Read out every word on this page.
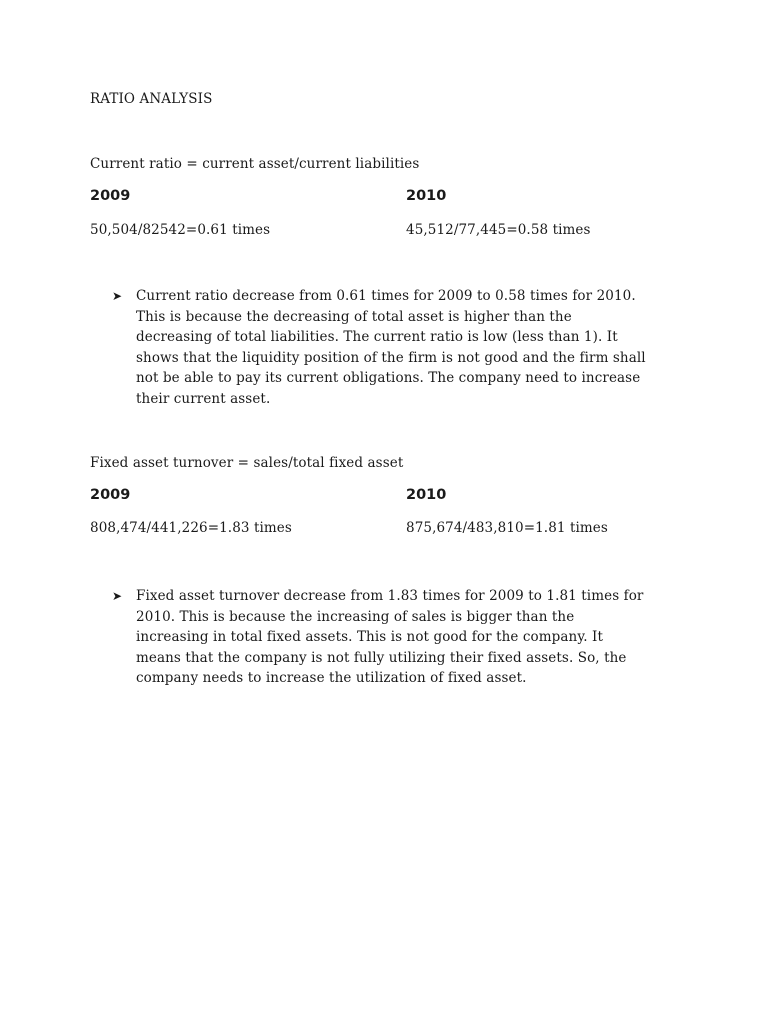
RATIO ANALYSIS
Current ratio = current asset/current liabilities
2009	2010
50,504/82542=0.61 times	45,512/77,445=0.58 times
➤ Current ratio decrease from 0.61 times for 2009 to 0.58 times for 2010.
This is because the decreasing of total asset is higher than the
decreasing of total liabilities. The current ratio is low (less than 1). It
shows that the liquidity position of the firm is not good and the firm shall
not be able to pay its current obligations. The company need to increase
their current asset.
Fixed asset turnover = sales/total fixed asset
2009	2010
808,474/441,226=1.83 times	875,674/483,810=1.81 times
➤ Fixed asset turnover decrease from 1.83 times for 2009 to 1.81 times for
2010. This is because the increasing of sales is bigger than the
increasing in total fixed assets. This is not good for the company. It
means that the company is not fully utilizing their fixed assets. So, the
company needs to increase the utilization of fixed asset.
